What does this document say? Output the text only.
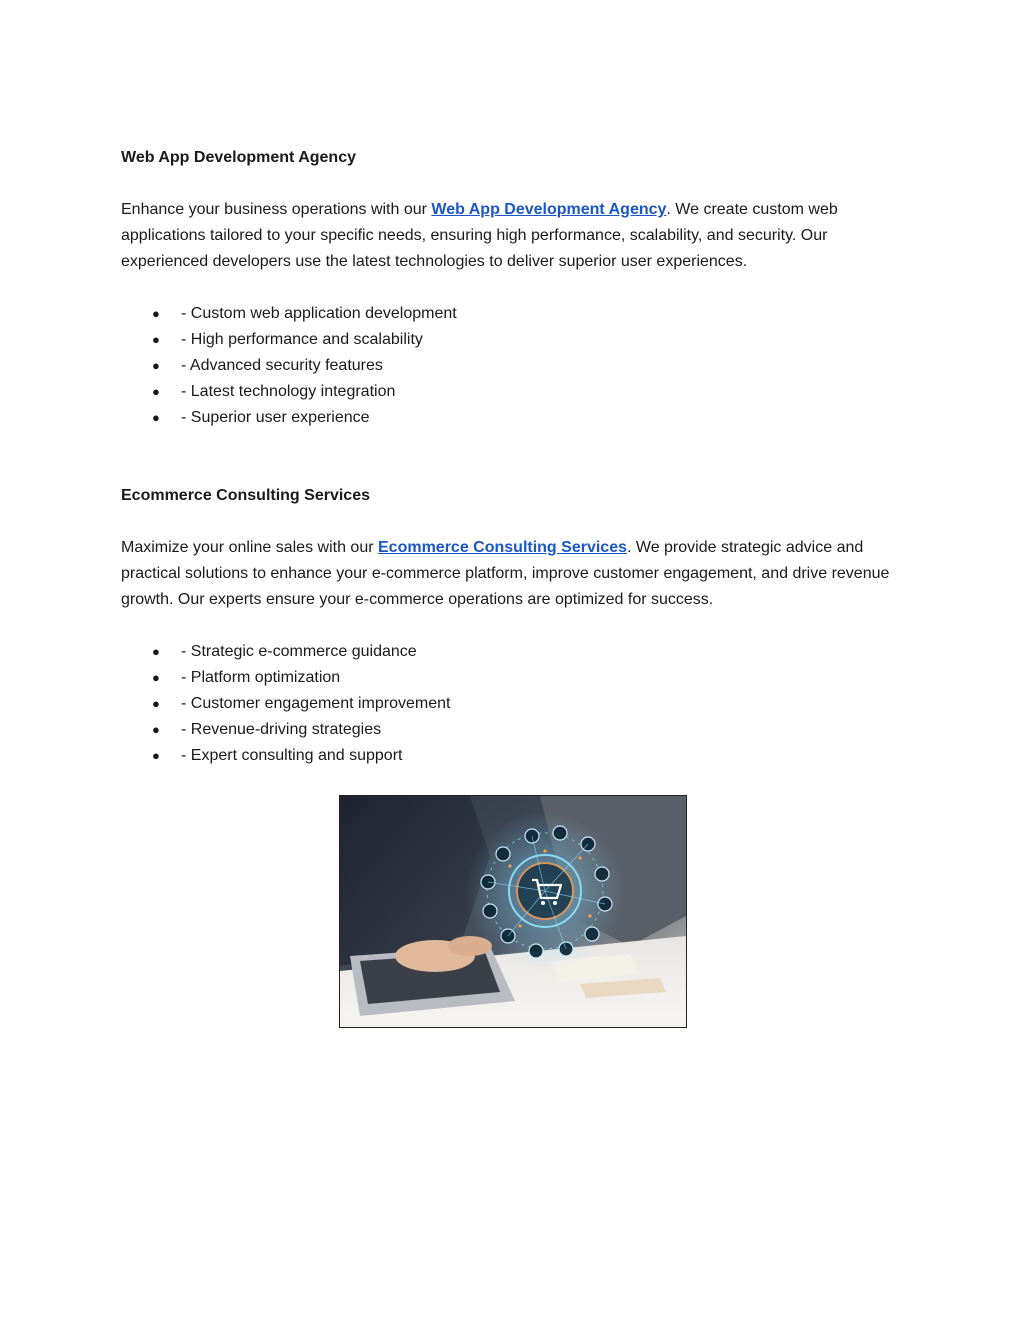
Web App Development Agency

Enhance your business operations with our Web App Development Agency. We create custom web applications tailored to your specific needs, ensuring high performance, scalability, and security. Our experienced developers use the latest technologies to deliver superior user experiences.

● - Custom web application development
● - High performance and scalability
● - Advanced security features
● - Latest technology integration
● - Superior user experience
Ecommerce Consulting Services

Maximize your online sales with our Ecommerce Consulting Services. We provide strategic advice and practical solutions to enhance your e-commerce platform, improve customer engagement, and drive revenue growth. Our experts ensure your e-commerce operations are optimized for success.

● - Strategic e-commerce guidance
● - Platform optimization
● - Customer engagement improvement
● - Revenue-driving strategies
● - Expert consulting and support
